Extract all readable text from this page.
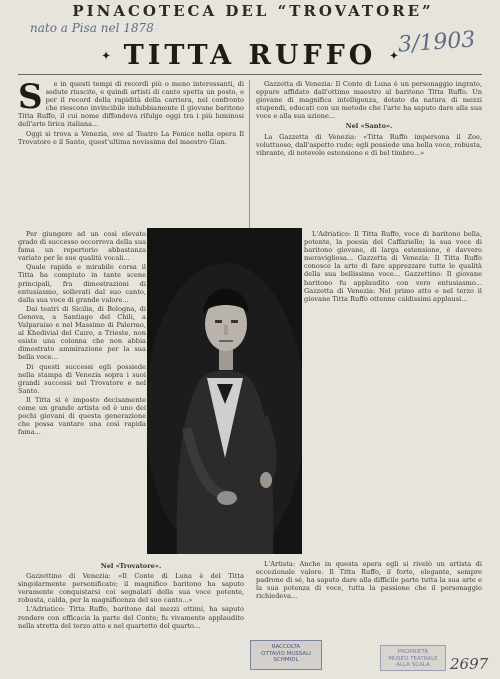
PINACOTECA DEL “TROVATORE”
nato a Pisa nel 1878	3/1903
✦ TITTA RUFFO ✦
S	e in questi tempi di recordì più o meno interessanti, di sedute riuscite, e quindi artisti di canto spetta un posto, e per il record della rapidità della carriera, nel confronto che riescono invincibile indubbiamente il giovane baritono Titta Ruffo, il cui nome diffondeva rifulge oggi tra i più luminosi dell'arte lirica italiana...

Oggi si trova a Venezia, ove al Teatro La Fenice nella opera Il Trovatore e il Santo, quest'ultima novissima del maestro Gian.

Per giungere ad un così elevato grado di successo occorreva della sua fama un repertorio abbastanza variato per le sue qualità vocali...

Quale rapida e mirabile corsa il Titta ha compiuto in tante scene principali, fra dimostrazioni di entusiasmo, sollevati dal suo canto, dalla sua voce di grande valore...

Dai teatri di Sicilia, di Bologna, di Genova, a Santiago del Chili, a Valparaiso e nel Massimo di Palermo, al Khedivial del Cairo, a Trieste, non esiste una colonna che non abbia dimostrato ammirazione per la sua bella voce...

Di questi successi egli possiede nella stampa di Venezia sopra i suoi grandi successi nel Trovatore e nel Santo.

Il Titta si è imposto decisamente come un grande artista ed è uno dei pochi giovani di questa generazione che possa vantare una così rapida fama...

Gazzetta di Venezia: Il Conte di Luna è un personaggio ingrato, eppure affidato dall'ottimo maestro al baritono Titta Ruffo. Un giovane di magnifica intelligenza, dotato da natura di mezzi stupendi, educati con un metodo che l'arte ha saputo dare alla sua voce e alla sua azione...

Nel «Santo».

La Gazzetta di Venezia: «Titta Ruffo impersona il Zoe, voluttuoso, dall'aspetto rude; egli possiede una bella voce, robusta, vibrante, di notevole estensione e di bel timbro...»

L'Adriatico: Il Titta Ruffo, voce di baritono bella, potente, la poesia del Caffariello; la sua voce di baritono giovane, di larga estensione, è davvero meravigliosa... Gazzetta di Venezia: Il Titta Ruffo conosce la arte di fare apprezzare tutte le qualità della sua bellissima voce... Gazzettino: Il giovane baritono fu applaudito con vero entusiasmo... Gazzetta di Venezia: Nel primo atto e nel terzo il giovane Titta Ruffo ottenne caldissimi applausi...

Nel «Trovatore».

Gazzettino di Venezia: «Il Conte di Luna è del Titta singolarmente personificato; il magnifico baritono ha saputo veramente conquistarsi coi segnalati della sua voce potente, robusta, calda, per la magnificenza del suo canto...»

L'Adriatico: Titta Ruffo, baritono dal mezzi ottimi, ha saputo rendere con efficacia la parte del Conte; fu vivamente applaudito nella stretta del terzo atto e nel quartetto del quarto...

L'Artista: Anche in questa opera egli si rivelò un artista di eccezionale valore. Il Titta Ruffo, il forte, elegante, sempre padrone di sé, ha saputo dare alla difficile parte tutta la sua arte e la sua potenza di voce, tutta la passione che il personaggio richiedeva...

RACCOLTA
OTTAVIO MUSSALI
SCHMIDL
PROPRIETÀ
MUSEO TEATRALE
ALLA SCALA	2697
